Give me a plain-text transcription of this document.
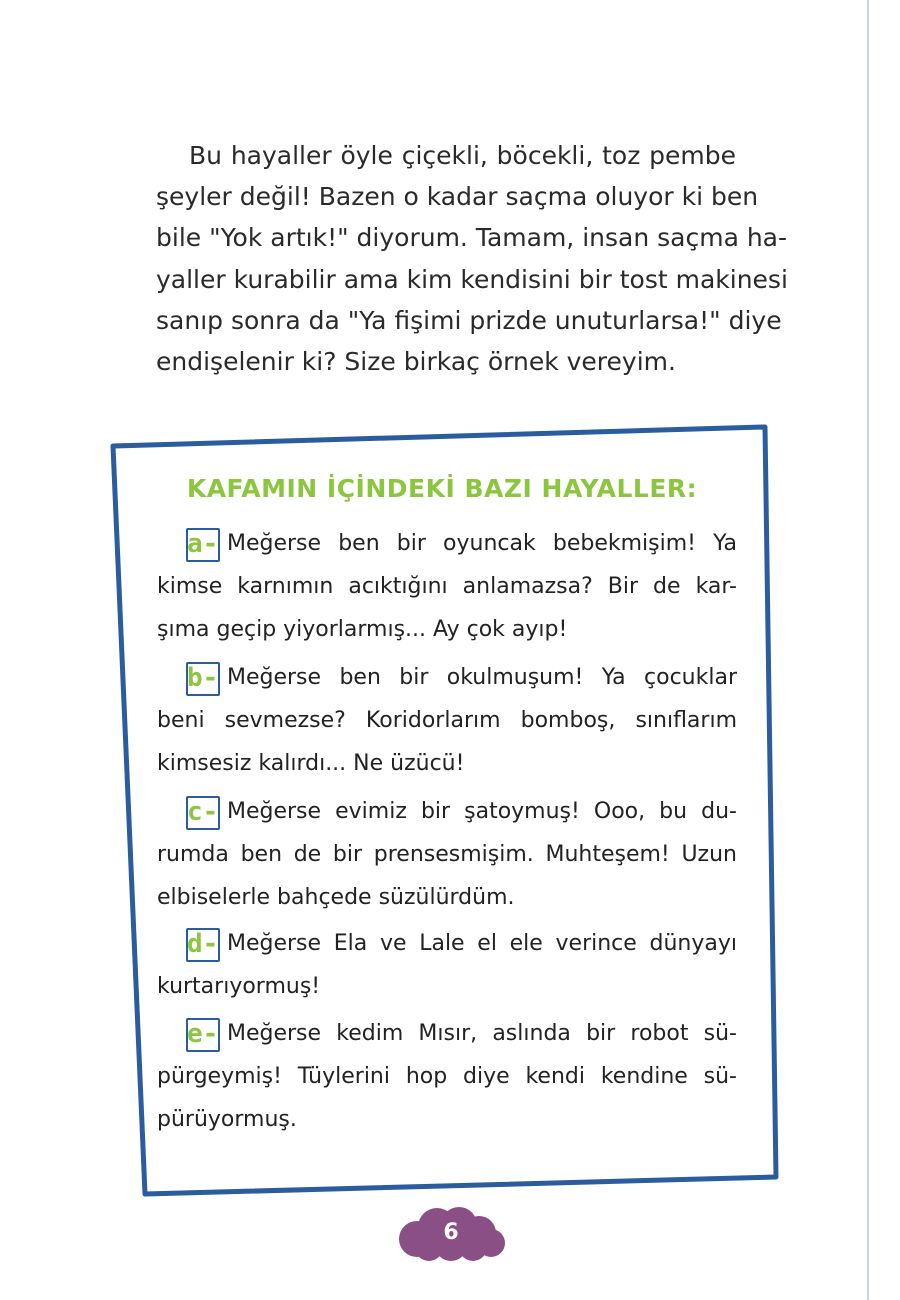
Bu hayaller öyle çiçekli, böcekli, toz pembe
şeyler değil! Bazen o kadar saçma oluyor ki ben
bile "Yok artık!" diyorum. Tamam, insan saçma ha-
yaller kurabilir ama kim kendisini bir tost makinesi
sanıp sonra da "Ya fişimi prizde unuturlarsa!" diye
endişelenir ki? Size birkaç örnek vereyim.
KAFAMIN İÇİNDEKİ BAZI HAYALLER:
a- Meğerse ben bir oyuncak bebekmişim! Ya
kimse karnımın acıktığını anlamazsa? Bir de kar-
şıma geçip yiyorlarmış... Ay çok ayıp!
b- Meğerse ben bir okulmuşum! Ya çocuklar
beni sevmezse? Koridorlarım bomboş, sınıflarım
kimsesiz kalırdı... Ne üzücü!
c- Meğerse evimiz bir şatoymuş! Ooo, bu du-
rumda ben de bir prensesmişim. Muhteşem! Uzun
elbiselerle bahçede süzülürdüm.
d- Meğerse Ela ve Lale el ele verince dünyayı
kurtarıyormuş!
e- Meğerse kedim Mısır, aslında bir robot sü-
pürgeymiş! Tüylerini hop diye kendi kendine sü-
pürüyormuş.
6
